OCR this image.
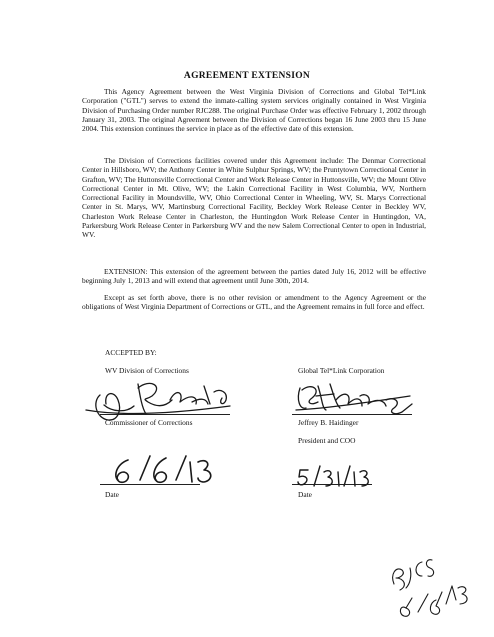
AGREEMENT EXTENSION

This Agency Agreement between the West Virginia Division of Corrections and Global Tel*Link Corporation ("GTL") serves to extend the inmate-calling system services originally contained in West Virginia Division of Purchasing Order number RJC288. The original Purchase Order was effective February 1, 2002 through January 31, 2003. The original Agreement between the Division of Corrections began 16 June 2003 thru 15 June 2004. This extension continues the service in place as of the effective date of this extension.

The Division of Corrections facilities covered under this Agreement include: The Denmar Correctional Center in Hillsboro, WV; the Anthony Center in White Sulphur Springs, WV; the Pruntytown Correctional Center in Grafton, WV; The Huttonsville Correctional Center and Work Release Center in Huttonsville, WV; the Mount Olive Correctional Center in Mt. Olive, WV; the Lakin Correctional Facility in West Columbia, WV, Northern Correctional Facility in Moundsville, WV, Ohio Correctional Center in Wheeling, WV, St. Marys Correctional Center in St. Marys, WV, Martinsburg Correctional Facility, Beckley Work Release Center in Beckley WV, Charleston Work Release Center in Charleston, the Huntingdon Work Release Center in Huntingdon, VA, Parkersburg Work Release Center in Parkersburg WV and the new Salem Correctional Center to open in Industrial, WV.

EXTENSION: This extension of the agreement between the parties dated July 16, 2012 will be effective beginning July 1, 2013 and will extend that agreement until June 30th, 2014.

Except as set forth above, there is no other revision or amendment to the Agency Agreement or the obligations of West Virginia Department of Corrections or GTL, and the Agreement remains in full force and effect.

ACCEPTED BY:

WV Division of Corrections	Global Tel*Link Corporation

Commissioner of Corrections	Jeffrey B. Haidinger

President and COO

Date	Date
